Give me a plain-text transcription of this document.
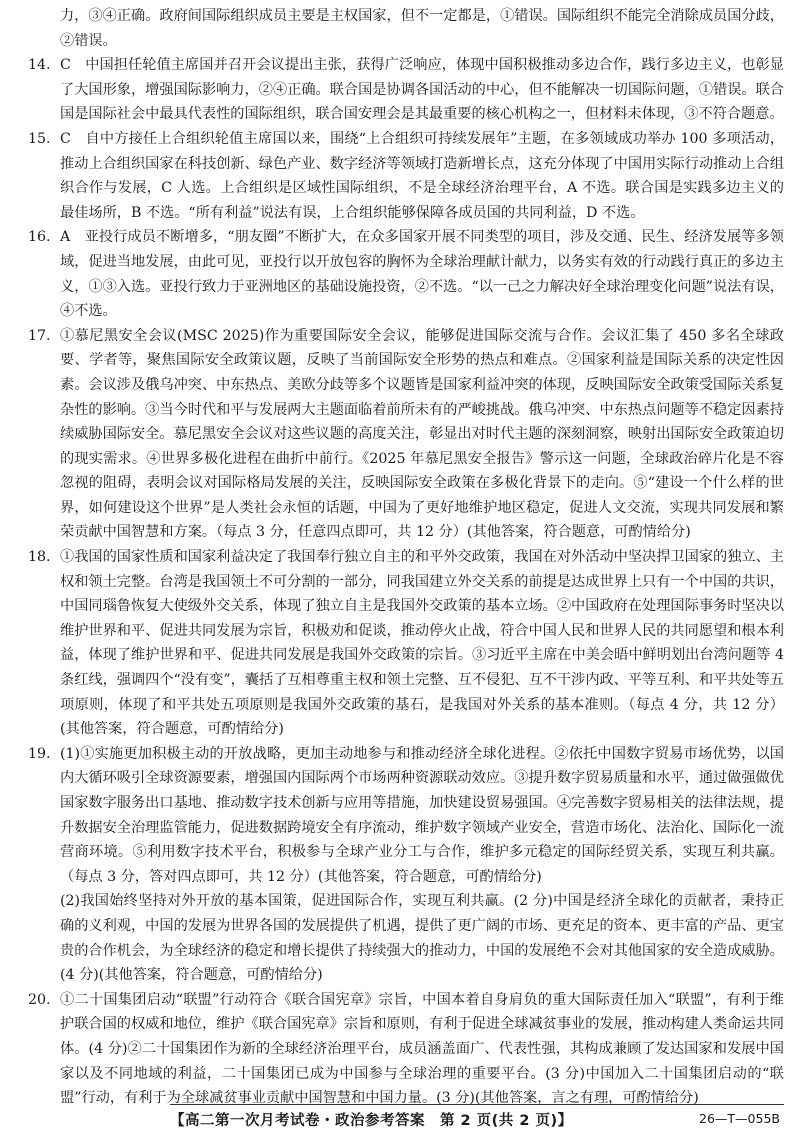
力，③④正确。政府间国际组织成员主要是主权国家，但不一定都是，①错误。国际组织不能完全消除成员国分歧，②错误。

14. C　中国担任轮值主席国并召开会议提出主张，获得广泛响应，体现中国积极推动多边合作，践行多边主义，也彰显了大国形象，增强国际影响力，②④正确。联合国是协调各国活动的中心，但不能解决一切国际问题，①错误。联合国是国际社会中最具代表性的国际组织，联合国安理会是其最重要的核心机构之一，但材料未体现，③不符合题意。

15. C　自中方接任上合组织轮值主席国以来，围绕“上合组织可持续发展年”主题，在多领域成功举办 100 多项活动，推动上合组织国家在科技创新、绿色产业、数字经济等领域打造新增长点，这充分体现了中国用实际行动推动上合组织合作与发展，C 人选。上合组织是区域性国际组织，不是全球经济治理平台，A 不选。联合国是实践多边主义的最佳场所，B 不选。“所有利益”说法有误，上合组织能够保障各成员国的共同利益，D 不选。

16. A　亚投行成员不断增多，“朋友圈”不断扩大，在众多国家开展不同类型的项目，涉及交通、民生、经济发展等多领域，促进当地发展，由此可见，亚投行以开放包容的胸怀为全球治理献计献力，以务实有效的行动践行真正的多边主义，①③入选。亚投行致力于亚洲地区的基础设施投资，②不选。“以一己之力解决好全球治理变化问题”说法有误，④不选。

17. ①慕尼黑安全会议(MSC 2025)作为重要国际安全会议，能够促进国际交流与合作。会议汇集了 450 多名全球政要、学者等，聚焦国际安全政策议题，反映了当前国际安全形势的热点和难点。②国家利益是国际关系的决定性因素。会议涉及俄乌冲突、中东热点、美欧分歧等多个议题皆是国家利益冲突的体现，反映国际安全政策受国际关系复杂性的影响。③当今时代和平与发展两大主题面临着前所未有的严峻挑战。俄乌冲突、中东热点问题等不稳定因素持续威胁国际安全。慕尼黑安全会议对这些议题的高度关注，彰显出对时代主题的深刻洞察，映射出国际安全政策迫切的现实需求。④世界多极化进程在曲折中前行。《2025 年慕尼黑安全报告》警示这一问题，全球政治碎片化是不容忽视的阻碍，表明会议对国际格局发展的关注，反映国际安全政策在多极化背景下的走向。⑤“建设一个什么样的世界，如何建设这个世界”是人类社会永恒的话题，中国为了更好地维护地区稳定，促进人文交流，实现共同发展和繁荣贡献中国智慧和方案。（每点 3 分，任意四点即可，共 12 分）(其他答案，符合题意，可酌情给分)

18. ①我国的国家性质和国家利益决定了我国奉行独立自主的和平外交政策，我国在对外活动中坚决捍卫国家的独立、主权和领土完整。台湾是我国领土不可分割的一部分，同我国建立外交关系的前提是达成世界上只有一个中国的共识，中国同瑙鲁恢复大使级外交关系，体现了独立自主是我国外交政策的基本立场。②中国政府在处理国际事务时坚决以维护世界和平、促进共同发展为宗旨，积极劝和促谈，推动停火止战，符合中国人民和世界人民的共同愿望和根本利益，体现了维护世界和平、促进共同发展是我国外交政策的宗旨。③习近平主席在中美会晤中鲜明划出台湾问题等 4 条红线，强调四个“没有变”，囊括了互相尊重主权和领土完整、互不侵犯、互不干涉内政、平等互利、和平共处等五项原则，体现了和平共处五项原则是我国外交政策的基石，是我国对外关系的基本准则。（每点 4 分，共 12 分）(其他答案，符合题意，可酌情给分)

19. (1)①实施更加积极主动的开放战略，更加主动地参与和推动经济全球化进程。②依托中国数字贸易市场优势，以国内大循环吸引全球资源要素，增强国内国际两个市场两种资源联动效应。③提升数字贸易质量和水平，通过做强做优国家数字服务出口基地、推动数字技术创新与应用等措施，加快建设贸易强国。④完善数字贸易相关的法律法规，提升数据安全治理监管能力，促进数据跨境安全有序流动，维护数字领域产业安全，营造市场化、法治化、国际化一流营商环境。⑤利用数字技术平台，积极参与全球产业分工与合作，维护多元稳定的国际经贸关系，实现互利共赢。（每点 3 分，答对四点即可，共 12 分）(其他答案，符合题意，可酌情给分)

(2)我国始终坚持对外开放的基本国策，促进国际合作，实现互利共赢。(2 分)中国是经济全球化的贡献者，秉持正确的义利观，中国的发展为世界各国的发展提供了机遇，提供了更广阔的市场、更充足的资本、更丰富的产品、更宝贵的合作机会，为全球经济的稳定和增长提供了持续强大的推动力，中国的发展绝不会对其他国家的安全造成威胁。(4 分)(其他答案，符合题意，可酌情给分)

20. ①二十国集团启动“联盟”行动符合《联合国宪章》宗旨，中国本着自身肩负的重大国际责任加入“联盟”，有利于维护联合国的权威和地位，维护《联合国宪章》宗旨和原则，有利于促进全球减贫事业的发展，推动构建人类命运共同体。(4 分)②二十国集团作为新的全球经济治理平台，成员涵盖面广、代表性强，其构成兼顾了发达国家和发展中国家以及不同地域的利益，二十国集团已成为中国参与全球治理的重要平台。(3 分)中国加入二十国集团启动的“联盟”行动，有利于为全球减贫事业贡献中国智慧和中国力量。(3 分)(其他答案，言之有理，可酌情给分)

【高二第一次月考试卷・政治参考答案　第 2 页(共 2 页)】	26—T—055B
